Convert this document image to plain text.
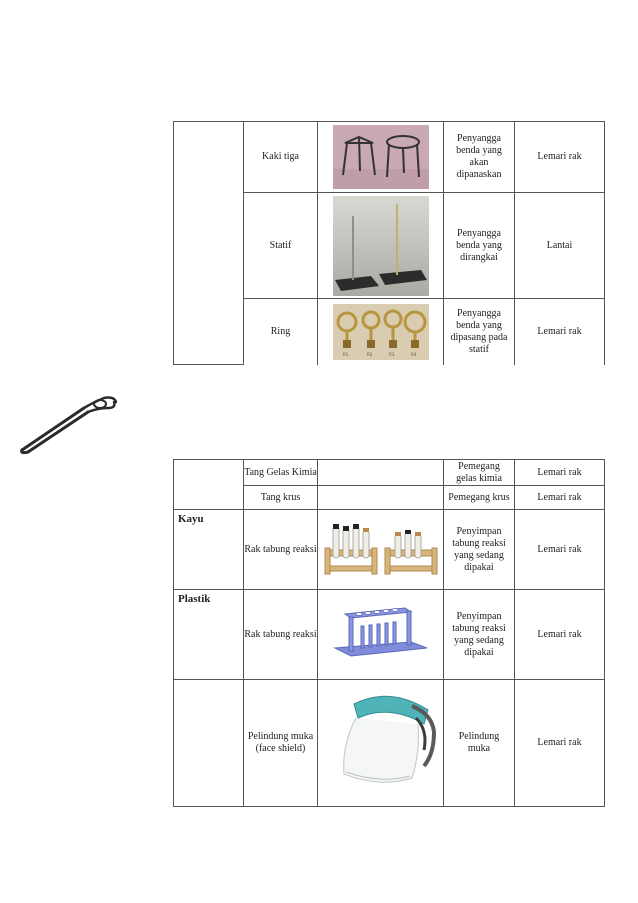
	Kaki tiga		Penyangga benda yang akan dipanaskan	Lemari rak
	Statif		Penyangga benda yang dirangkai	Lantai
	Ring	R1 R2 R3 R4	Penyangga benda yang dipasang pada statif	Lemari rak
	Tang Gelas Kimia		Pemegang gelas kimia	Lemari rak
	Tang krus		Pemegang krus	Lemari rak
Kayu	Rak tabung reaksi		Penyimpan tabung reaksi yang sedang dipakai	Lemari rak
Plastik	Rak tabung reaksi		Penyimpan tabung reaksi yang sedang dipakai	Lemari rak
	Pelindung muka (face shield)		Pelindung muka	Lemari rak
